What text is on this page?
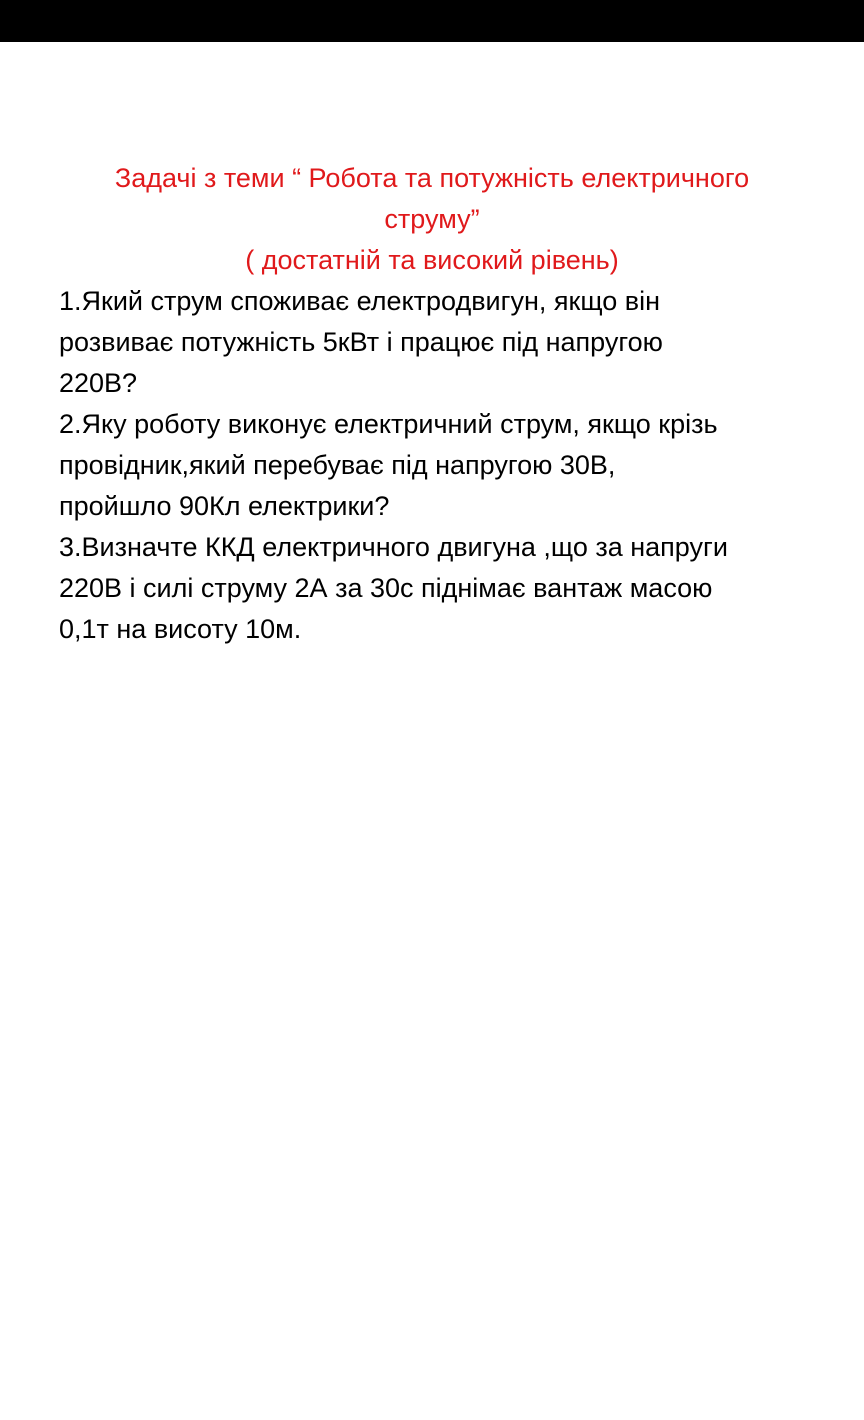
Задачі з теми “ Робота та потужність електричного
струму”
( достатній та високий рівень)
1.Який струм споживає електродвигун, якщо він
розвиває потужність 5кВт і працює під напругою
220В?
2.Яку роботу виконує електричний струм, якщо крізь
провідник,який перебуває під напругою 30В,
пройшло 90Кл електрики?
3.Визначте ККД електричного двигуна ,що за напруги
220В і силі струму 2А за 30с піднімає вантаж масою
0,1т на висоту 10м.
